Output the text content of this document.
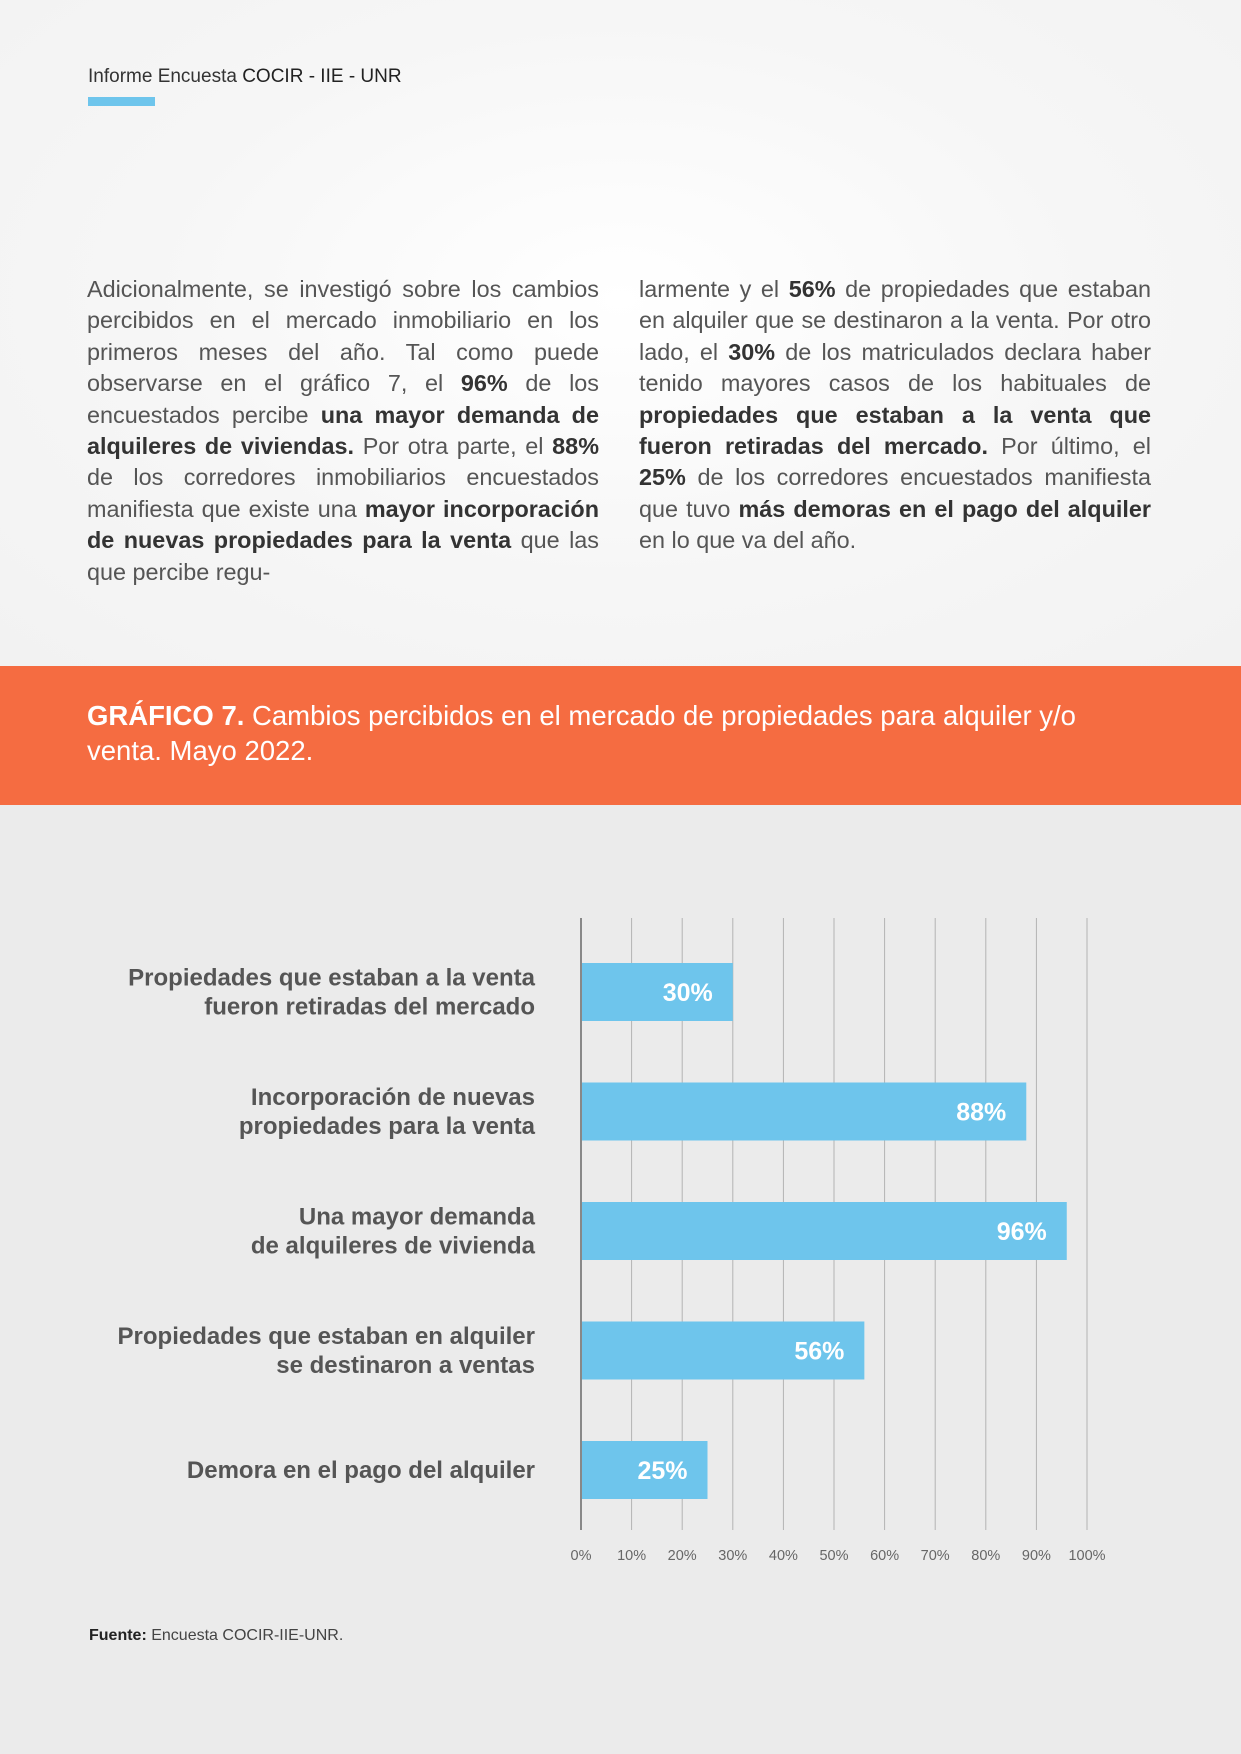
Informe Encuesta COCIR - IIE - UNR
Adicionalmente, se investigó sobre los cambios percibidos en el mercado inmobiliario en los primeros meses del año. Tal como puede observarse en el gráfico 7, el 96% de los encuestados percibe una mayor demanda de alquileres de viviendas. Por otra parte, el 88% de los corredores inmobiliarios encuestados manifiesta que existe una mayor incorporación de nuevas propiedades para la venta que las que percibe regu-
larmente y el 56% de propiedades que estaban en alquiler que se destinaron a la venta. Por otro lado, el 30% de los matriculados declara haber tenido mayores casos de los habituales de propiedades que estaban a la venta que fueron retiradas del mercado. Por último, el 25% de los corredores encuestados manifiesta que tuvo más demoras en el pago del alquiler en lo que va del año.
GRÁFICO 7. Cambios percibidos en el mercado de propiedades para alquiler y/o venta. Mayo 2022.
0% 10% 20% 30% 40% 50% 60% 70% 80% 90% 100%
30%
Propiedades que estaban a la venta
fueron retiradas del mercado
88%
Incorporación de nuevas
propiedades para la venta
96%
Una mayor demanda
de alquileres de vivienda
56%
Propiedades que estaban en alquiler
se destinaron a ventas
25%
Demora en el pago del alquiler
Fuente: Encuesta COCIR-IIE-UNR.
